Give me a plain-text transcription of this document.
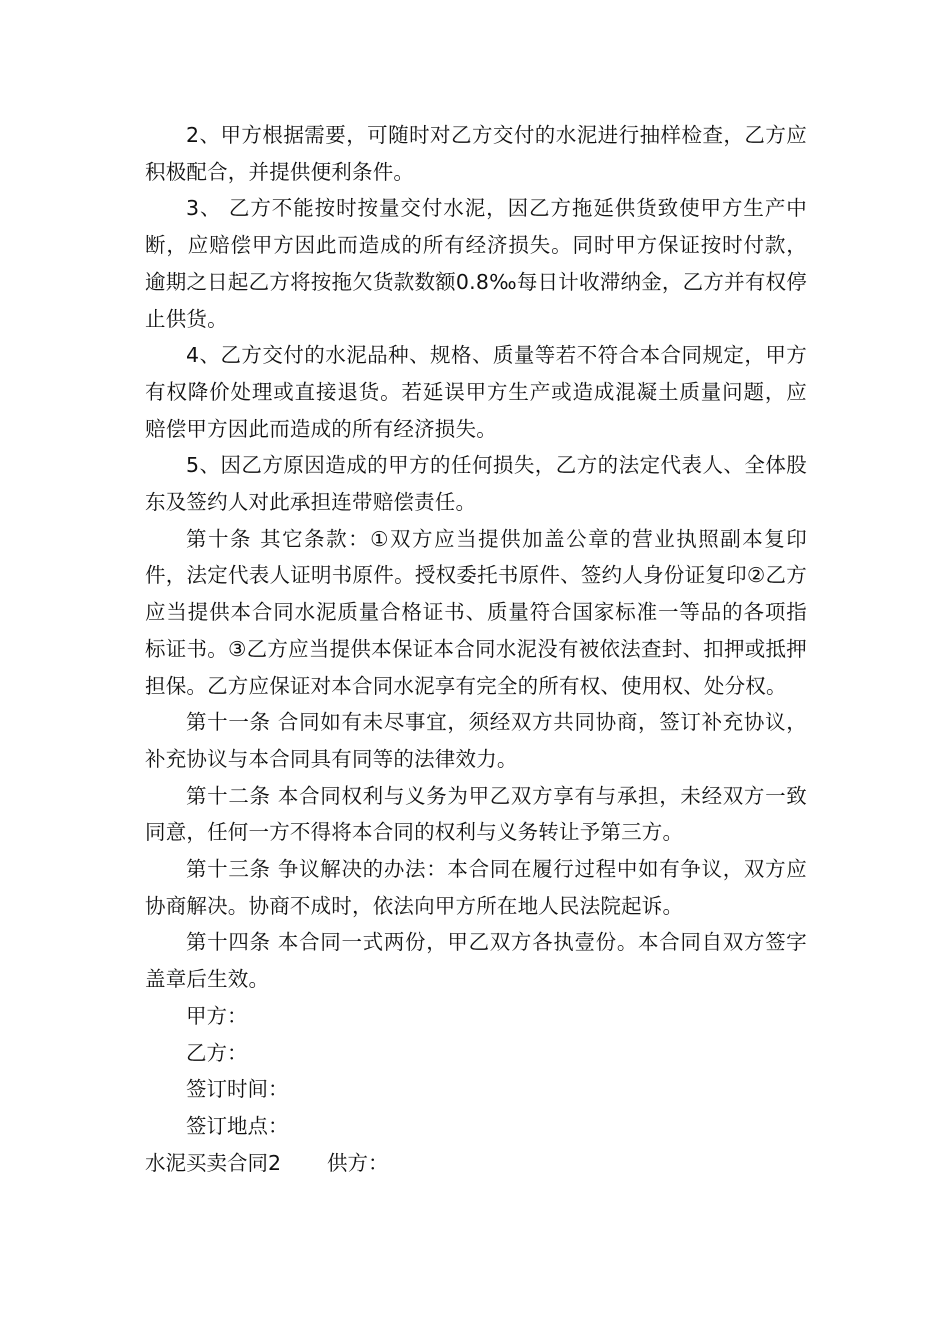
2、甲方根据需要，可随时对乙方交付的水泥进行抽样检查，乙方应积极配合，并提供便利条件。

3、 乙方不能按时按量交付水泥，因乙方拖延供货致使甲方生产中断，应赔偿甲方因此而造成的所有经济损失。同时甲方保证按时付款，逾期之日起乙方将按拖欠货款数额0.8‰每日计收滞纳金，乙方并有权停止供货。

4、乙方交付的水泥品种、规格、质量等若不符合本合同规定，甲方有权降价处理或直接退货。若延误甲方生产或造成混凝土质量问题，应赔偿甲方因此而造成的所有经济损失。

5、因乙方原因造成的甲方的任何损失，乙方的法定代表人、全体股东及签约人对此承担连带赔偿责任。

第十条 其它条款：①双方应当提供加盖公章的营业执照副本复印件，法定代表人证明书原件。授权委托书原件、签约人身份证复印②乙方应当提供本合同水泥质量合格证书、质量符合国家标准一等品的各项指标证书。③乙方应当提供本保证本合同水泥没有被依法查封、扣押或抵押担保。乙方应保证对本合同水泥享有完全的所有权、使用权、处分权。

第十一条 合同如有未尽事宜，须经双方共同协商，签订补充协议，补充协议与本合同具有同等的法律效力。

第十二条 本合同权利与义务为甲乙双方享有与承担，未经双方一致同意，任何一方不得将本合同的权利与义务转让予第三方。

第十三条 争议解决的办法：本合同在履行过程中如有争议，双方应协商解决。协商不成时，依法向甲方所在地人民法院起诉。

第十四条 本合同一式两份，甲乙双方各执壹份。本合同自双方签字盖章后生效。

甲方：

乙方：

签订时间：

签订地点：

水泥买卖合同2 供方：
